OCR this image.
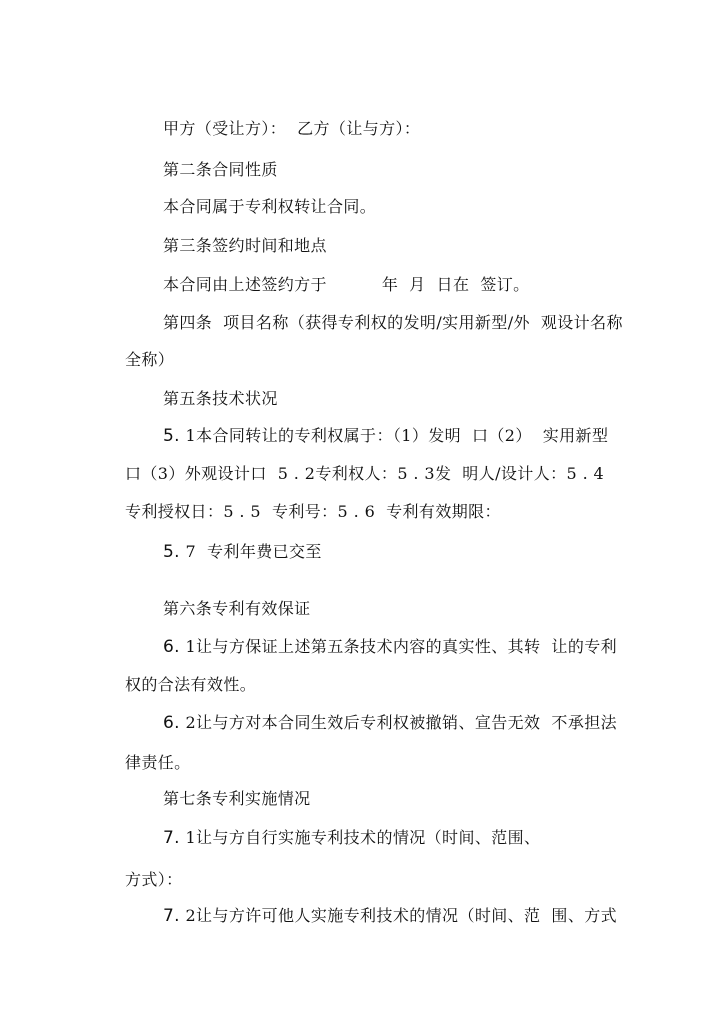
甲方（受让方）：  乙方（让与方）：

第二条合同性质

本合同属于专利权转让合同。

第三条签约时间和地点

本合同由上述签约方于          年  月  日在  签订。

第四条  项目名称（获得专利权的发明/实用新型/外  观设计名称

全称）

第五条技术状况

5. 1本合同转让的专利权属于：（1）发明  口（2）  实用新型

口（3）外观设计口  5 . 2专利权人：5 . 3发  明人/设计人：5 . 4

专利授权日：5 . 5  专利号：5 . 6  专利有效期限：

5. 7  专利年费已交至

第六条专利有效保证

6. 1让与方保证上述第五条技术内容的真实性、其转  让的专利

权的合法有效性。

6. 2让与方对本合同生效后专利权被撤销、宣告无效  不承担法

律责任。

第七条专利实施情况

7. 1让与方自行实施专利技术的情况（时间、范围、

方式）：

7. 2让与方许可他人实施专利技术的情况（时间、范  围、方式
